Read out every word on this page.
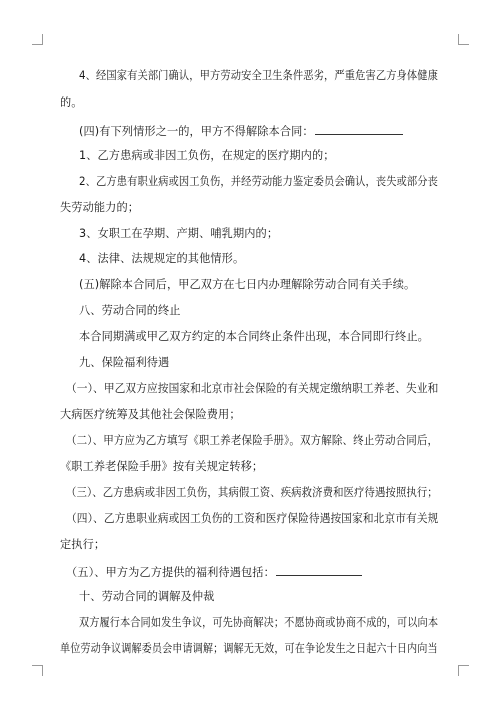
4、经国家有关部门确认，甲方劳动安全卫生条件恶劣，严重危害乙方身体健康
的。
(四)有下列情形之一的，甲方不得解除本合同：
1、乙方患病或非因工负伤，在规定的医疗期内的；
2、乙方患有职业病或因工负伤，并经劳动能力鉴定委员会确认，丧失或部分丧
失劳动能力的；
3、女职工在孕期、产期、哺乳期内的；
4、法律、法规规定的其他情形。
(五)解除本合同后，甲乙双方在七日内办理解除劳动合同有关手续。
八、劳动合同的终止
本合同期满或甲乙双方约定的本合同终止条件出现，本合同即行终止。
九、保险福利待遇
（一）、甲乙双方应按国家和北京市社会保险的有关规定缴纳职工养老、失业和
大病医疗统筹及其他社会保险费用；
（二）、甲方应为乙方填写《职工养老保险手册》。双方解除、终止劳动合同后，
《职工养老保险手册》按有关规定转移；
（三）、乙方患病或非因工负伤，其病假工资、疾病救济费和医疗待遇按照执行；
（四）、乙方患职业病或因工负伤的工资和医疗保险待遇按国家和北京市有关规
定执行；
（五）、甲方为乙方提供的福利待遇包括：
十、劳动合同的调解及仲裁
双方履行本合同如发生争议，可先协商解决；不愿协商或协商不成的，可以向本
单位劳动争议调解委员会申请调解；调解无无效，可在争论发生之日起六十日内向当
